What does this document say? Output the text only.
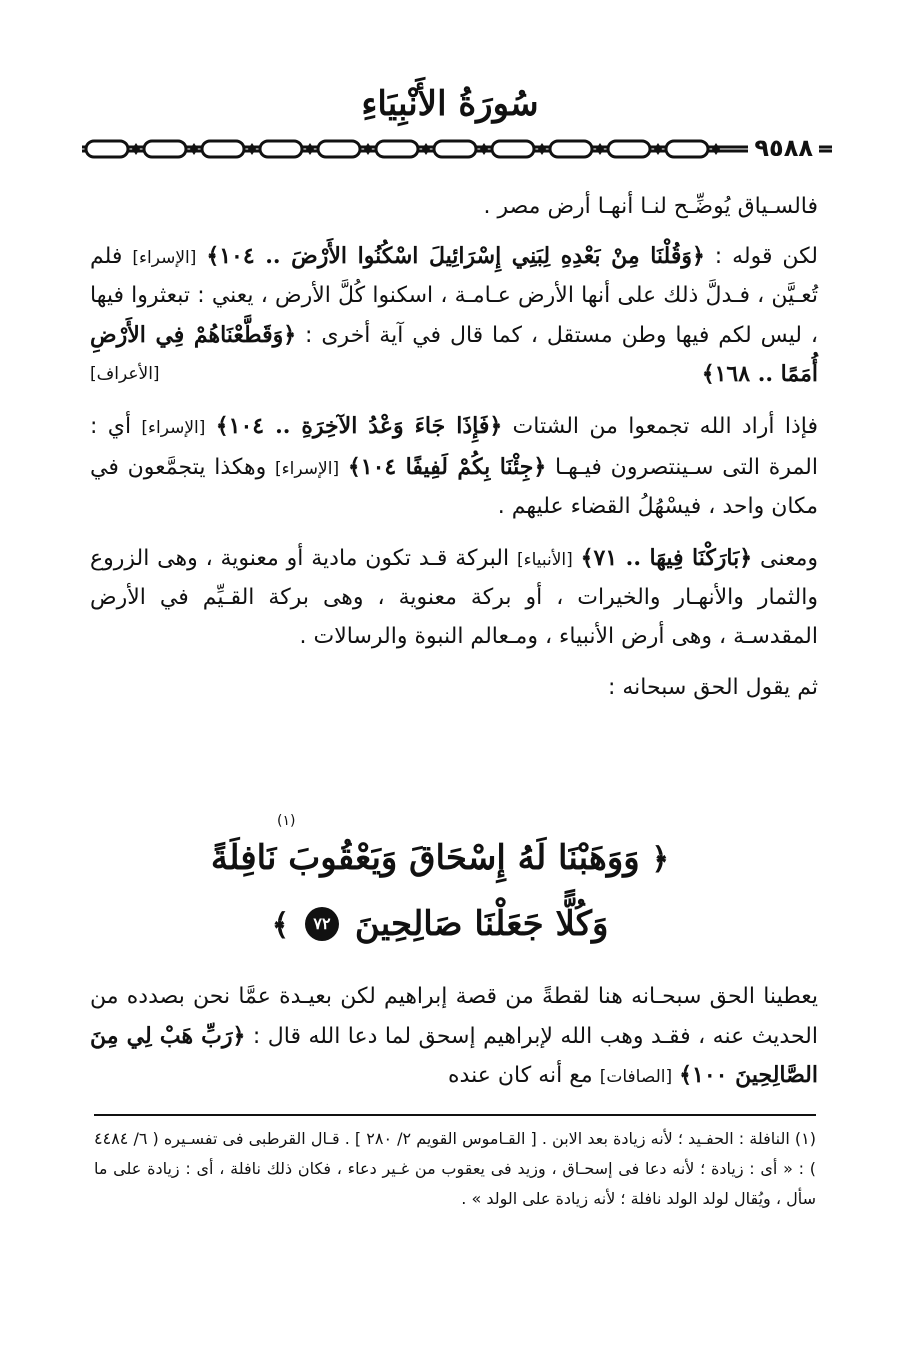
سُورَةُ الأَنْبِيَاءِ
٩٥٨٨

فالسـياق يُوضِّـح لنـا أنهـا أرض مصر .

لكن قوله : ﴿وَقُلْنَا مِنْ بَعْدِهِ لِبَنِي إِسْرَائِيلَ اسْكُنُوا الأَرْضَ .. ١٠٤﴾ [الإسراء] فلم تُعـيَّن ، فـدلَّ ذلك على أنها الأرض عـامـة ، اسكنوا كُلَّ الأرض ، يعني : تبعثروا فيها ، ليس لكم فيها وطن مستقل ، كما قال في آية أخرى : ﴿وَقَطَّعْنَاهُمْ فِي الأَرْضِ أُمَمًا .. ١٦٨﴾
[الأعراف]

فإذا أراد الله تجمعوا من الشتات ﴿فَإِذَا جَاءَ وَعْدُ الآخِرَةِ .. ١٠٤﴾ [الإسراء] أي : المرة التى سـينتصرون فيـهـا ﴿جِئْنَا بِكُمْ لَفِيفًا ١٠٤﴾ [الإسراء] وهكذا يتجمَّعون في مكان واحد ، فيسْهُلُ القضاء عليهم .

ومعنى ﴿بَارَكْنَا فِيهَا .. ٧١﴾ [الأنبياء] البركة قـد تكون مادية أو معنوية ، وهى الزروع والثمار والأنهـار والخيرات ، أو بركة معنوية ، وهى بركة القـيِّم في الأرض المقدسـة ، وهى أرض الأنبياء ، ومـعالم النبوة والرسالات .

ثم يقول الحق سبحانه :

(١)
﴿ وَوَهَبْنَا لَهُ إِسْحَاقَ وَيَعْقُوبَ نَافِلَةً
وَكُلًّا جَعَلْنَا صَالِحِينَ ٧٢ ﴾

يعطينا الحق سبحـانه هنا لقطةً من قصة إبراهيم لكن بعيـدة عمَّا نحن بصدده من الحديث عنه ، فقـد وهب الله لإبراهيم إسحق لما دعا الله قال : ﴿رَبِّ هَبْ لِي مِنَ الصَّالِحِينَ ١٠٠﴾ [الصافات] مع أنه كان عنده

(١) النافلة : الحفـيد ؛ لأنه زيادة بعد الابن . [ القـاموس القويم ٢/ ٢٨٠ ] . قـال القرطبى فى تفسـيره ( ٦/ ٤٤٨٤ ) : « أى : زيادة ؛ لأنه دعا فى إسحـاق ، وزيد فى يعقوب من غـير دعاء ، فكان ذلك نافلة ، أى : زيادة على ما سأل ، ويُقال لولد الولد نافلة ؛ لأنه زيادة على الولد » .
